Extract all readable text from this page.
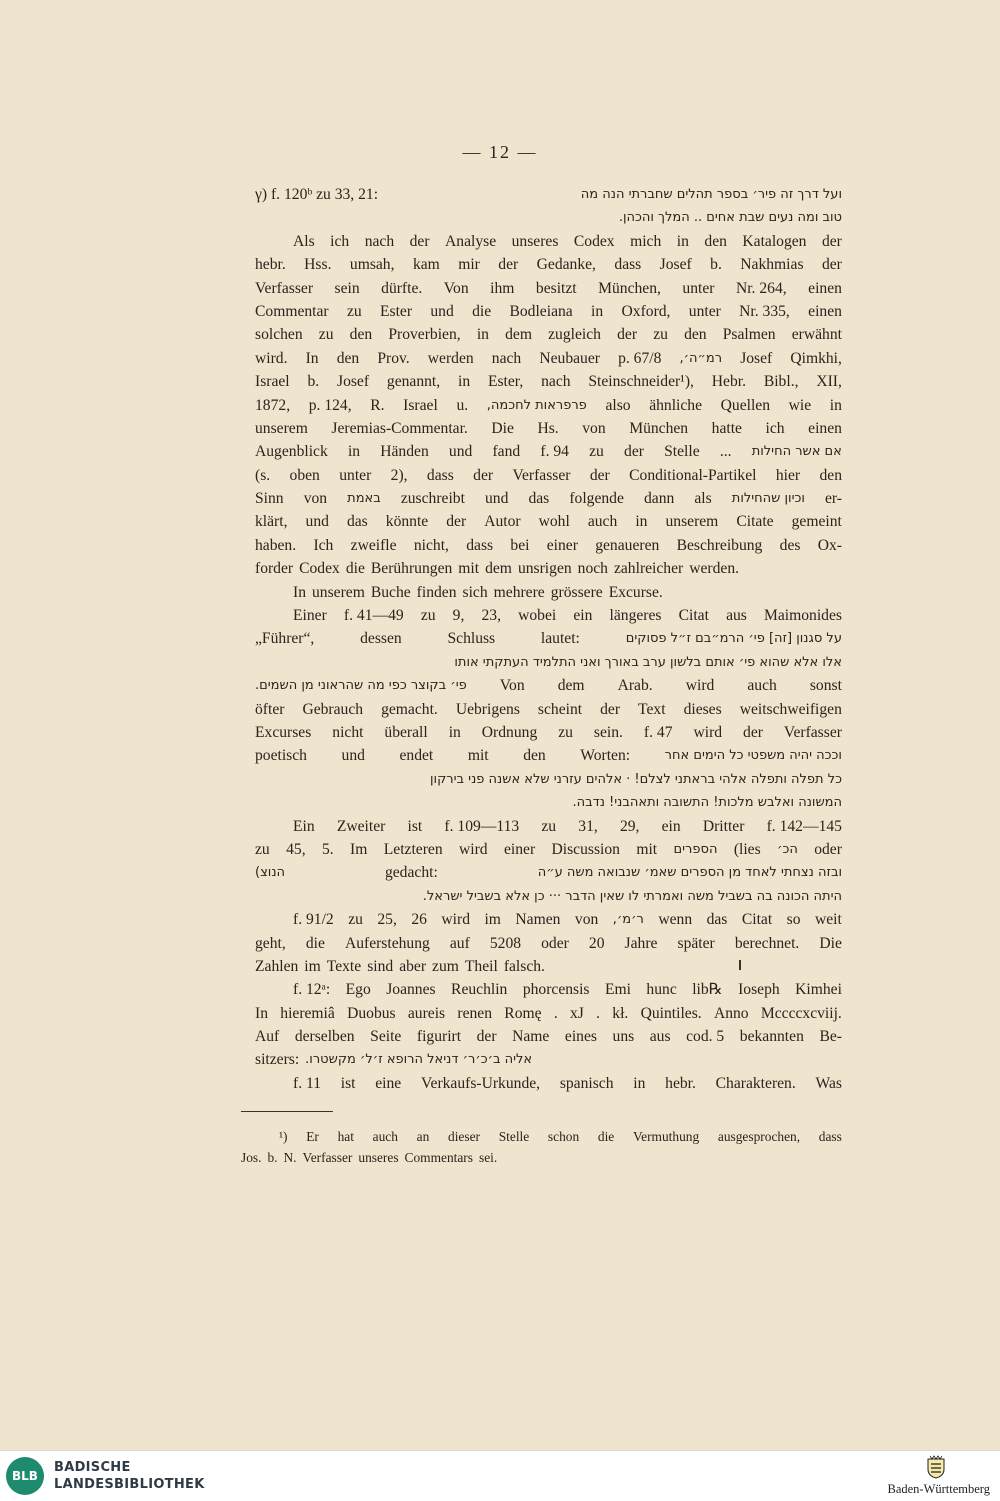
— 12 —
γ) f. 120ᵇ zu 33, 21:	ועל דרך זה פיר׳ בספר תהלים שחברתי הנה מה
טוב ומה נעים שבת אחים .. המלך והכהן.
Als ich nach der Analyse unseres Codex mich in den Katalogen der
hebr. Hss. umsah, kam mir der Gedanke, dass Josef b. Nakhmias der
Verfasser sein dürfte. Von ihm besitzt München, unter Nr. 264, einen
Commentar zu Ester und die Bodleiana in Oxford, unter Nr. 335, einen
solchen zu den Proverbien, in dem zugleich der zu den Psalmen erwähnt
wird. In den Prov. werden nach Neubauer p. 67/8 רמ״ה׳, Josef Qimkhi,
Israel b. Josef genannt, in Ester, nach Steinschneider¹), Hebr. Bibl., XII,
1872, p. 124, R. Israel u. פרפראות לחכמה, also ähnliche Quellen wie in
unserem Jeremias-Commentar. Die Hs. von München hatte ich einen
Augenblick in Händen und fand f. 94 zu der Stelle ... אם אשר החילות
(s. oben unter 2), dass der Verfasser der Conditional-Partikel hier den
Sinn von באמת zuschreibt und das folgende dann als וכיון שהחילות er-
klärt, und das könnte der Autor wohl auch in unserem Citate gemeint
haben. Ich zweifle nicht, dass bei einer genaueren Beschreibung des Ox-
forder Codex die Berührungen mit dem unsrigen noch zahlreicher werden.
In unserem Buche finden sich mehrere grössere Excurse.
Einer f. 41—49 zu 9, 23, wobei ein längeres Citat aus Maimonides
„Führer“,	dessen	Schluss	lautet:	על סגנון [זה] פי׳ הרמ״בם ז״ל פסוקים
אלו אלא שהוא פי׳ אותם בלשון ערב באורך ואני התלמיד העתקתי אותו
פי׳ בקוצר כפי מה שהראוני מן השמים. Von dem Arab. wird auch sonst
öfter Gebrauch gemacht. Uebrigens scheint der Text dieses weitschweifigen
Excurses nicht überall in Ordnung zu sein. f. 47 wird der Verfasser
poetisch und endet mit den Worten:	וככה יהיה משפטי כל הימים אחר
כל תפלה ותפלה אלהי בראתני לצלם! · אלהים עזרני שלא אשנה פני בירקון
המשונה ואלבש מלכות! התשובה ותאהבני! נדבה.
Ein Zweiter ist f. 109—113 zu 31, 29, ein Dritter f. 142—145
zu 45, 5. Im Letzteren wird einer Discussion mit הספרים (lies הכ׳ oder
הנוצ)	gedacht:	ובזה נצחתי לאחד מן הספרים שאמ׳ שנבואה משה ע״ה
היתה הכונה בה בשביל משה ואמרתי לו שאין הדבר ··· כן אלא בשביל ישראל.
f. 91/2 zu 25, 26 wird im Namen von ר׳מ׳, wenn das Citat so weit
geht, die Auferstehung auf 5208 oder 20 Jahre später berechnet. Die
Zahlen im Texte sind aber zum Theil falsch.
f. 12ᵃ: Ego Joannes Reuchlin phorcensis Emi hunc lib℞ Ioseph Kimhei
In hieremiâ Duobus aureis renen Romę . xJ . kł. Quintiles. Anno Mccccxcviij.
Auf derselben Seite figurirt der Name eines uns aus cod. 5 bekannten Be-
sitzers: אליה ב׳כ׳ר׳ דניאל הרופא ז׳ל׳ מקשטרו.
f. 11 ist eine Verkaufs-Urkunde, spanisch in hebr. Charakteren. Was
¹) Er hat auch an dieser Stelle schon die Vermuthung ausgesprochen, dass
Jos. b. N. Verfasser unseres Commentars sei.
BLB
BADISCHE
LANDESBIBLIOTHEK	Baden-Württemberg
